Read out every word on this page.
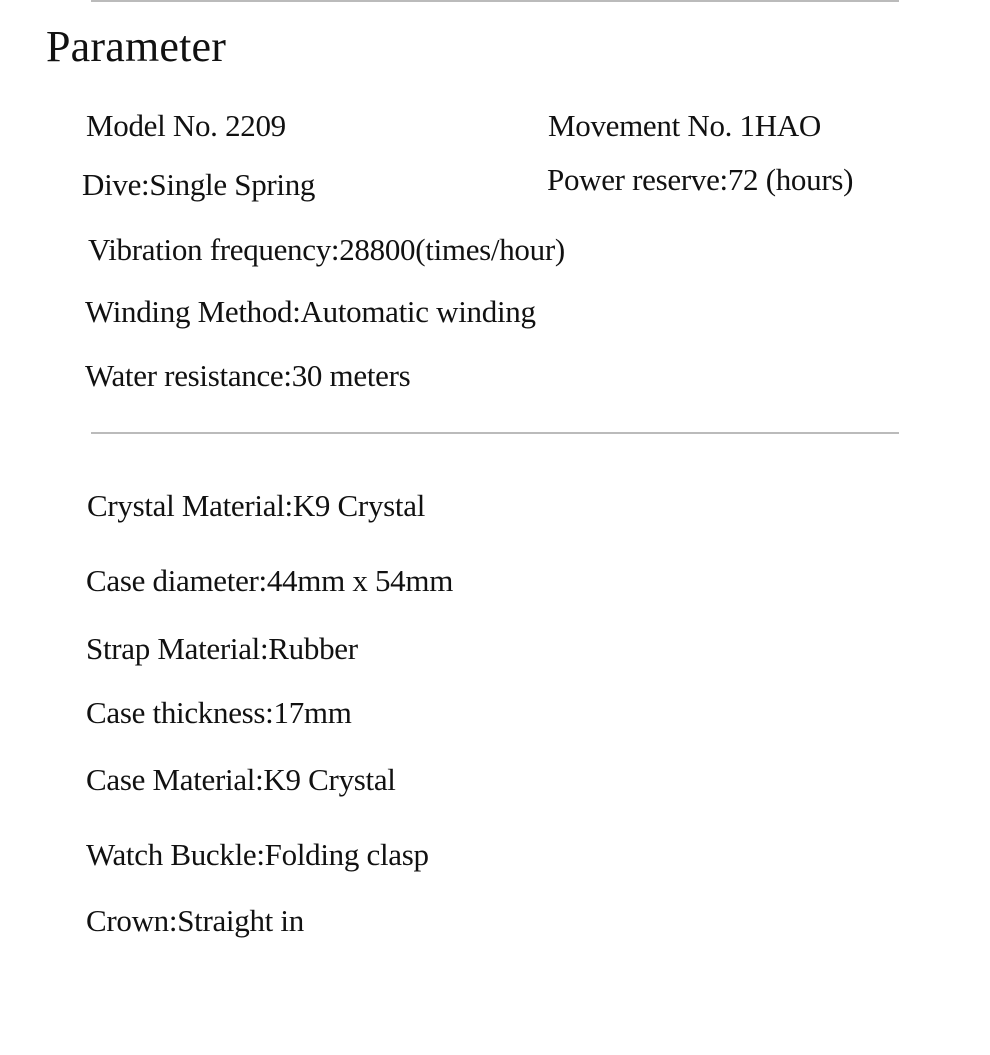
Parameter
Model No. 2209	Movement No. 1HAO
Dive:Single Spring	Power reserve:72 (hours)
Vibration frequency:28800(times/hour)
Winding Method:Automatic winding
Water resistance:30 meters
Crystal Material:K9 Crystal
Case diameter:44mm x 54mm
Strap Material:Rubber
Case thickness:17mm
Case Material:K9 Crystal
Watch Buckle:Folding clasp
Crown:Straight in
